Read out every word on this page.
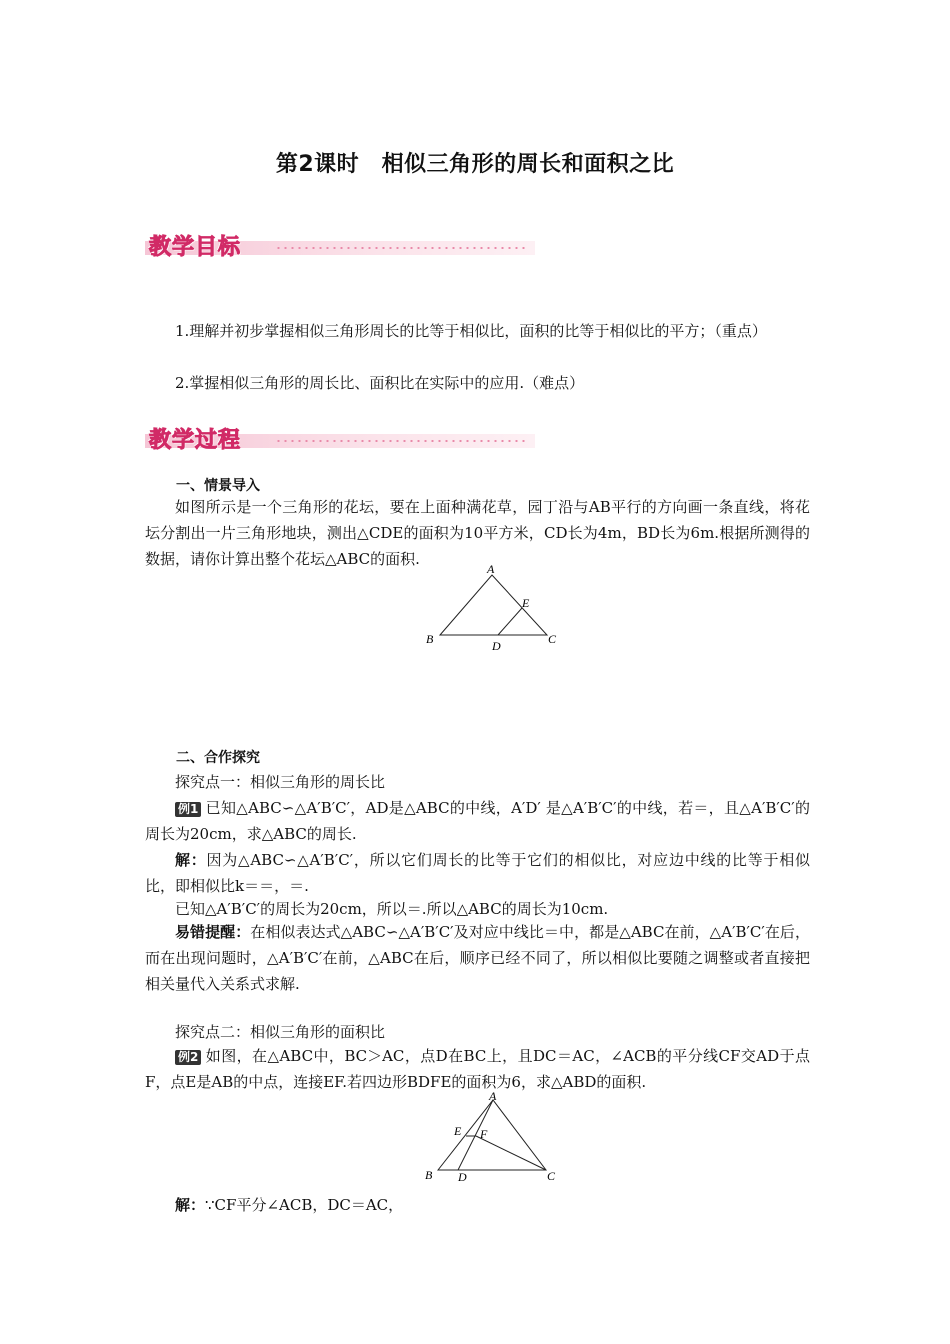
第2课时　相似三角形的周长和面积之比
教学目标
1.理解并初步掌握相似三角形周长的比等于相似比，面积的比等于相似比的平方；（重点）
2.掌握相似三角形的周长比、面积比在实际中的应用.（难点）
教学过程
一、情景导入
如图所示是一个三角形的花坛，要在上面种满花草，园丁沿与AB平行的方向画一条直线，将花坛分割出一片三角形地块，测出△CDE的面积为10平方米，CD长为4m，BD长为6m.根据所测得的数据，请你计算出整个花坛△ABC的面积.
A
B	C
D
E
二、合作探究
探究点一：相似三角形的周长比
例1 已知△ABC∽△A′B′C′，AD是△ABC的中线，A′D′ 是△A′B′C′的中线，若＝，且△A′B′C′的周长为20cm，求△ABC的周长.
解：因为△ABC∽△A′B′C′，所以它们周长的比等于它们的相似比，对应边中线的比等于相似比，即相似比k＝＝，＝.
已知△A′B′C′的周长为20cm，所以＝.所以△ABC的周长为10cm.
易错提醒：在相似表达式△ABC∽△A′B′C′及对应中线比＝中，都是△ABC在前，△A′B′C′在后，而在出现问题时，△A′B′C′在前，△ABC在后，顺序已经不同了，所以相似比要随之调整或者直接把相关量代入关系式求解.
探究点二：相似三角形的面积比
例2 如图，在△ABC中，BC＞AC，点D在BC上，且DC＝AC，∠ACB的平分线CF交AD于点F，点E是AB的中点，连接EF.若四边形BDFE的面积为6，求△ABD的面积.
A
B	C
D
E F
解：∵CF平分∠ACB，DC＝AC，
